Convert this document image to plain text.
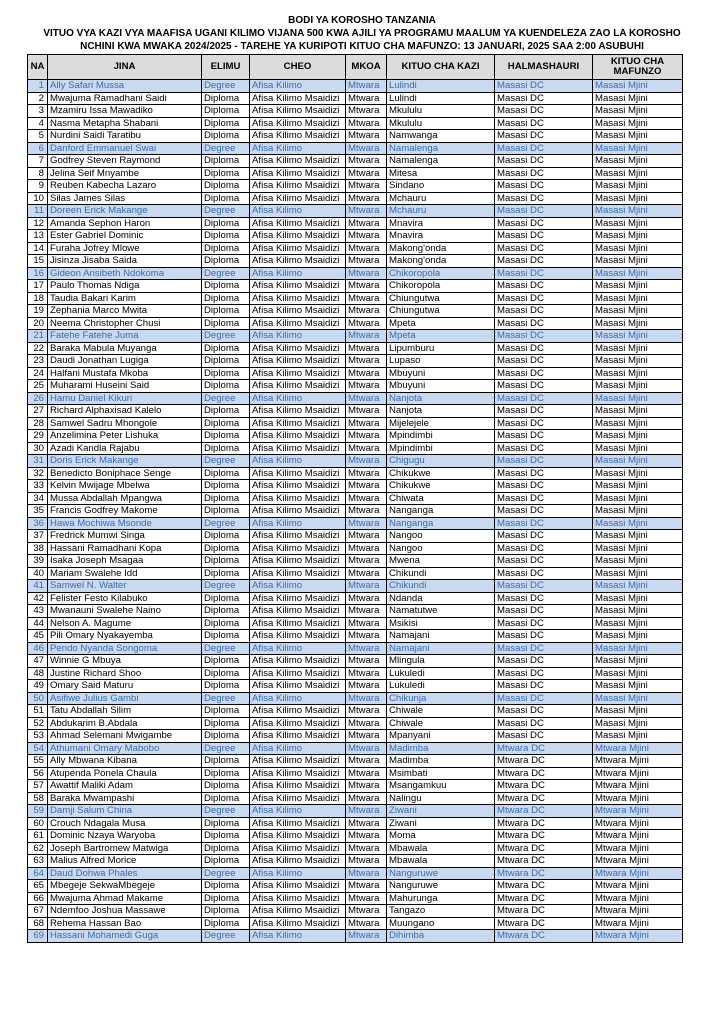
BODI YA KOROSHO TANZANIA
VITUO VYA KAZI VYA MAAFISA UGANI KILIMO VIJANA 500 KWA AJILI YA PROGRAMU MAALUM YA KUENDELEZA ZAO LA KOROSHO
NCHINI KWA MWAKA 2024/2025 - TAREHE YA KURIPOTI KITUO CHA MAFUNZO: 13 JANUARI, 2025 SAA 2:00 ASUBUHI
NA	JINA	ELIMU	CHEO	MKOA	KITUO CHA KAZI	HALMASHAURI	KITUO CHA MAFUNZO
1	Ally Safari Mussa	Degree	Afisa Kilimo	Mtwara	Lulindi	Masasi DC	Masasi Mjini
2	Mwajuma Ramadhani Saidi	Diploma	Afisa Kilimo Msaidizi	Mtwara	Lulindi	Masasi DC	Masasi Mjini
3	Mzamiru Issa Mawadiko	Diploma	Afisa Kilimo Msaidizi	Mtwara	Mkululu	Masasi DC	Masasi Mjini
4	Nasma Metapha Shabani	Diploma	Afisa Kilimo Msaidizi	Mtwara	Mkululu	Masasi DC	Masasi Mjini
5	Nurdini Saidi Taratibu	Diploma	Afisa Kilimo Msaidizi	Mtwara	Namwanga	Masasi DC	Masasi Mjini
6	Danford Emmanuel Swai	Degree	Afisa Kilimo	Mtwara	Namalenga	Masasi DC	Masasi Mjini
7	Godfrey Steven Raymond	Diploma	Afisa Kilimo Msaidizi	Mtwara	Namalenga	Masasi DC	Masasi Mjini
8	Jelina Seif Mnyambe	Diploma	Afisa Kilimo Msaidizi	Mtwara	Mitesa	Masasi DC	Masasi Mjini
9	Reuben Kabecha Lazaro	Diploma	Afisa Kilimo Msaidizi	Mtwara	Sindano	Masasi DC	Masasi Mjini
10	Silas James Silas	Diploma	Afisa Kilimo Msaidizi	Mtwara	Mchauru	Masasi DC	Masasi Mjini
11	Doreen Erick Makange	Degree	Afisa Kilimo	Mtwara	Mchauru	Masasi DC	Masasi Mjini
12	Amanda Sephon Haron	Diploma	Afisa Kilimo Msaidizi	Mtwara	Mnavira	Masasi DC	Masasi Mjini
13	Ester Gabriel Dominic	Diploma	Afisa Kilimo Msaidizi	Mtwara	Mnavira	Masasi DC	Masasi Mjini
14	Furaha Jofrey Mlowe	Diploma	Afisa Kilimo Msaidizi	Mtwara	Makong'onda	Masasi DC	Masasi Mjini
15	Jisinza Jisaba Saida	Diploma	Afisa Kilimo Msaidizi	Mtwara	Makong'onda	Masasi DC	Masasi Mjini
16	Gideon Ansibeth Ndokoma	Degree	Afisa Kilimo	Mtwara	Chikoropola	Masasi DC	Masasi Mjini
17	Paulo Thomas Ndiga	Diploma	Afisa Kilimo Msaidizi	Mtwara	Chikoropola	Masasi DC	Masasi Mjini
18	Taudia Bakari Karim	Diploma	Afisa Kilimo Msaidizi	Mtwara	Chiungutwa	Masasi DC	Masasi Mjini
19	Zephania Marco Mwita	Diploma	Afisa Kilimo Msaidizi	Mtwara	Chiungutwa	Masasi DC	Masasi Mjini
20	Neema Christopher Chusi	Diploma	Afisa Kilimo Msaidizi	Mtwara	Mpeta	Masasi DC	Masasi Mjini
21	Fatehe Fatehe Juma	Degree	Afisa Kilimo	Mtwara	Mpeta	Masasi DC	Masasi Mjini
22	Baraka Mabula Muyanga	Diploma	Afisa Kilimo Msaidizi	Mtwara	Lipumburu	Masasi DC	Masasi Mjini
23	Daudi Jonathan Lugiga	Diploma	Afisa Kilimo Msaidizi	Mtwara	Lupaso	Masasi DC	Masasi Mjini
24	Halfani Mustafa Mkoba	Diploma	Afisa Kilimo Msaidizi	Mtwara	Mbuyuni	Masasi DC	Masasi Mjini
25	Muharami Huseini Said	Diploma	Afisa Kilimo Msaidizi	Mtwara	Mbuyuni	Masasi DC	Masasi Mjini
26	Hamu Daniel Kikuri	Degree	Afisa Kilimo	Mtwara	Nanjota	Masasi DC	Masasi Mjini
27	Richard Alphaxisad Kalelo	Diploma	Afisa Kilimo Msaidizi	Mtwara	Nanjota	Masasi DC	Masasi Mjini
28	Samwel Sadru Mhongole	Diploma	Afisa Kilimo Msaidizi	Mtwara	Mijelejele	Masasi DC	Masasi Mjini
29	Anzelimina Peter Lishuka	Diploma	Afisa Kilimo Msaidizi	Mtwara	Mpindimbi	Masasi DC	Masasi Mjini
30	Azadi Kandla Rajabu	Diploma	Afisa Kilimo Msaidizi	Mtwara	Mpindimbi	Masasi DC	Masasi Mjini
31	Doris Erick Makange	Degree	Afisa Kilimo	Mtwara	Chigugu	Masasi DC	Masasi Mjini
32	Benedicto Boniphace Senge	Diploma	Afisa Kilimo Msaidizi	Mtwara	Chikukwe	Masasi DC	Masasi Mjini
33	Kelvin Mwijage Mbelwa	Diploma	Afisa Kilimo Msaidizi	Mtwara	Chikukwe	Masasi DC	Masasi Mjini
34	Mussa Abdallah Mpangwa	Diploma	Afisa Kilimo Msaidizi	Mtwara	Chiwata	Masasi DC	Masasi Mjini
35	Francis Godfrey Makome	Diploma	Afisa Kilimo Msaidizi	Mtwara	Nanganga	Masasi DC	Masasi Mjini
36	Hawa Mochiwa Msonde	Degree	Afisa Kilimo	Mtwara	Nanganga	Masasi DC	Masasi Mjini
37	Fredrick Mumwi Singa	Diploma	Afisa Kilimo Msaidizi	Mtwara	Nangoo	Masasi DC	Masasi Mjini
38	Hassani Ramadhani Kopa	Diploma	Afisa Kilimo Msaidizi	Mtwara	Nangoo	Masasi DC	Masasi Mjini
39	Isaka Joseph Msagaa	Diploma	Afisa Kilimo Msaidizi	Mtwara	Mwena	Masasi DC	Masasi Mjini
40	Mariam Swalehe Idd	Diploma	Afisa Kilimo Msaidizi	Mtwara	Chikundi	Masasi DC	Masasi Mjini
41	Samwel N. Walter	Degree	Afisa Kilimo	Mtwara	Chikundi	Masasi DC	Masasi Mjini
42	Felister Festo Kilabuko	Diploma	Afisa Kilimo Msaidizi	Mtwara	Ndanda	Masasi DC	Masasi Mjini
43	Mwanauni Swalehe Naino	Diploma	Afisa Kilimo Msaidizi	Mtwara	Namatutwe	Masasi DC	Masasi Mjini
44	Nelson A. Magume	Diploma	Afisa Kilimo Msaidizi	Mtwara	Msikisi	Masasi DC	Masasi Mjini
45	Pili Omary Nyakayemba	Diploma	Afisa Kilimo Msaidizi	Mtwara	Namajani	Masasi DC	Masasi Mjini
46	Pendo Nyanda Songoma	Degree	Afisa Kilimo	Mtwara	Namajani	Masasi DC	Masasi Mjini
47	Winnie G Mbuya	Diploma	Afisa Kilimo Msaidizi	Mtwara	Mlingula	Masasi DC	Masasi Mjini
48	Justine Richard Shoo	Diploma	Afisa Kilimo Msaidizi	Mtwara	Lukuledi	Masasi DC	Masasi Mjini
49	Omary Said Maturu	Diploma	Afisa Kilimo Msaidizi	Mtwara	Lukuledi	Masasi DC	Masasi Mjini
50	Asifiwe Julius Gambi	Degree	Afisa Kilimo	Mtwara	Chikunja	Masasi DC	Masasi Mjini
51	Tatu Abdallah Silim	Diploma	Afisa Kilimo Msaidizi	Mtwara	Chiwale	Masasi DC	Masasi Mjini
52	Abdukarim B.Abdala	Diploma	Afisa Kilimo Msaidizi	Mtwara	Chiwale	Masasi DC	Masasi Mjini
53	Ahmad Selemani Mwigambe	Diploma	Afisa Kilimo Msaidizi	Mtwara	Mpanyani	Masasi DC	Masasi Mjini
54	Athumani Omary Mabobo	Degree	Afisa Kilimo	Mtwara	Madimba	Mtwara DC	Mtwara Mjini
55	Ally Mbwana Kibana	Diploma	Afisa Kilimo Msaidizi	Mtwara	Madimba	Mtwara DC	Mtwara Mjini
56	Atupenda Ponela Chaula	Diploma	Afisa Kilimo Msaidizi	Mtwara	Msimbati	Mtwara DC	Mtwara Mjini
57	Awattif Maliki Adam	Diploma	Afisa Kilimo Msaidizi	Mtwara	Msangamkuu	Mtwara DC	Mtwara Mjini
58	Baraka Mwampashi	Diploma	Afisa Kilimo Msaidizi	Mtwara	Nalingu	Mtwara DC	Mtwara Mjini
59	Damji Salum China	Degree	Afisa Kilimo	Mtwara	Ziwani	Mtwara DC	Mtwara Mjini
60	Crouch Ndagala Musa	Diploma	Afisa Kilimo Msaidizi	Mtwara	Ziwani	Mtwara DC	Mtwara Mjini
61	Dominic Nzaya Waryoba	Diploma	Afisa Kilimo Msaidizi	Mtwara	Moma	Mtwara DC	Mtwara Mjini
62	Joseph Bartromew Matwiga	Diploma	Afisa Kilimo Msaidizi	Mtwara	Mbawala	Mtwara DC	Mtwara Mjini
63	Malius Alfred Morice	Diploma	Afisa Kilimo Msaidizi	Mtwara	Mbawala	Mtwara DC	Mtwara Mjini
64	Daud Dohwa Phales	Degree	Afisa Kilimo	Mtwara	Nanguruwe	Mtwara DC	Mtwara Mjini
65	Mbegeje SekwaMbegeje	Diploma	Afisa Kilimo Msaidizi	Mtwara	Nanguruwe	Mtwara DC	Mtwara Mjini
66	Mwajuma Ahmad Makame	Diploma	Afisa Kilimo Msaidizi	Mtwara	Mahurunga	Mtwara DC	Mtwara Mjini
67	Ndemfoo Joshua Massawe	Diploma	Afisa Kilimo Msaidizi	Mtwara	Tangazo	Mtwara DC	Mtwara Mjini
68	Rehema Hassan Bao	Diploma	Afisa Kilimo Msaidizi	Mtwara	Muungano	Mtwara DC	Mtwara Mjini
69	Hassani Mohamedi Guga	Degree	Afisa Kilimo	Mtwara	Dihimba	Mtwara DC	Mtwara Mjini
